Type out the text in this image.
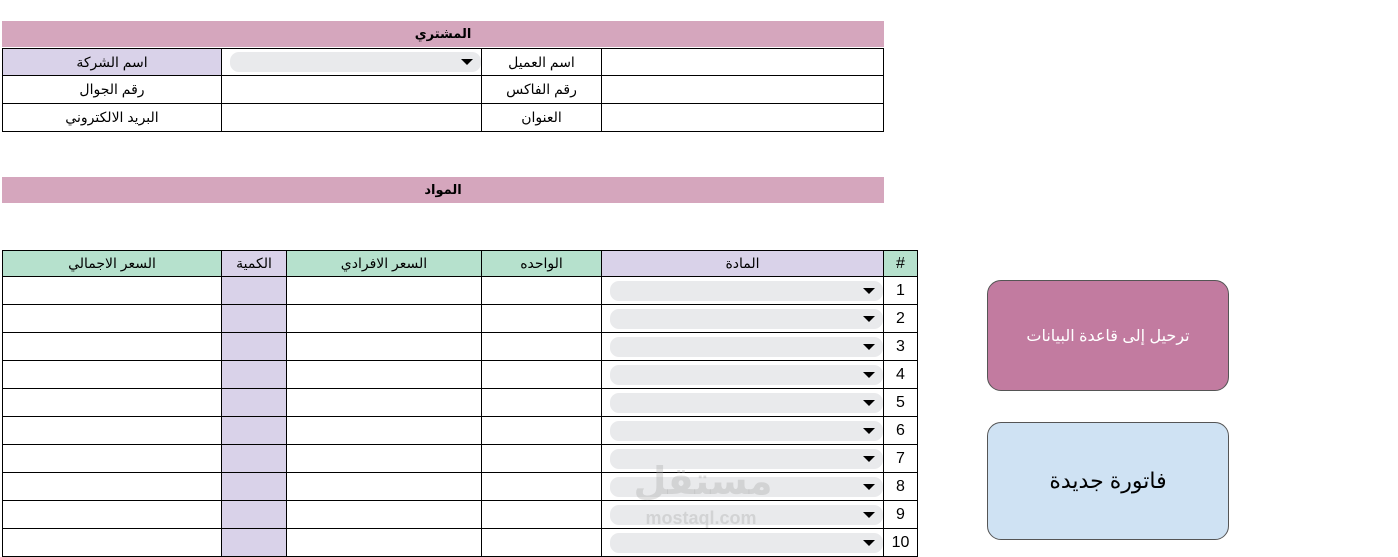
المشتري
اسم الشركة	اسم العميل
رقم الجوال	رقم الفاكس
البريد الالكتروني	العنوان
المواد
السعر الاجمالي	الكمية	السعر الافرادي	الواحده	المادة	#
1
2
3
4
5
6
7
8
9
10
ترحيل إلى قاعدة البيانات
فاتورة جديدة
مستقل
mostaql.com
